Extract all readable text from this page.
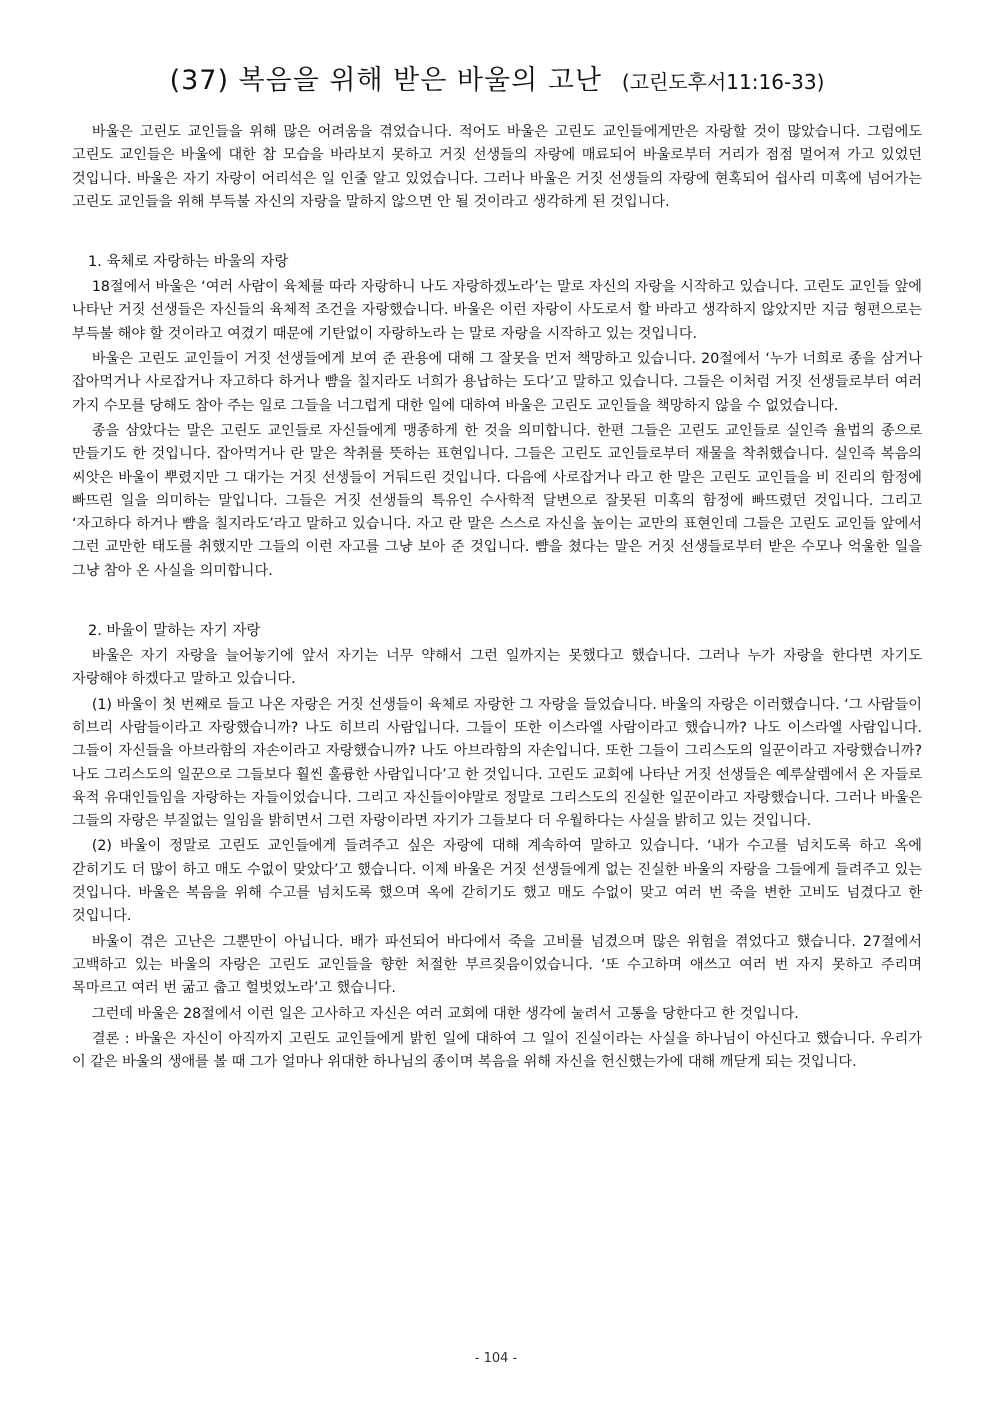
(37) 복음을 위해 받은 바울의 고난 (고린도후서11:16-33)

바울은 고린도 교인들을 위해 많은 어려움을 겪었습니다. 적어도 바울은 고린도 교인들에게만은 자랑할 것이 많았습니다. 그럼에도 고린도 교인들은 바울에 대한 참 모습을 바라보지 못하고 거짓 선생들의 자랑에 매료되어 바울로부터 거리가 점점 멀어져 가고 있었던 것입니다. 바울은 자기 자랑이 어리석은 일 인줄 알고 있었습니다. 그러나 바울은 거짓 선생들의 자랑에 현혹되어 쉽사리 미혹에 넘어가는 고린도 교인들을 위해 부득불 자신의 자랑을 말하지 않으면 안 될 것이라고 생각하게 된 것입니다.

1. 육체로 자랑하는 바울의 자랑

18절에서 바울은 ‘여러 사람이 육체를 따라 자랑하니 나도 자랑하겠노라’는 말로 자신의 자랑을 시작하고 있습니다. 고린도 교인들 앞에 나타난 거짓 선생들은 자신들의 육체적 조건을 자랑했습니다. 바울은 이런 자랑이 사도로서 할 바라고 생각하지 않았지만 지금 형편으로는 부득불 해야 할 것이라고 여겼기 때문에 기탄없이 자랑하노라 는 말로 자랑을 시작하고 있는 것입니다.

바울은 고린도 교인들이 거짓 선생들에게 보여 준 관용에 대해 그 잘못을 먼저 책망하고 있습니다. 20절에서 ‘누가 너희로 종을 삼거나 잡아먹거나 사로잡거나 자고하다 하거나 뺨을 칠지라도 너희가 용납하는 도다’고 말하고 있습니다. 그들은 이처럼 거짓 선생들로부터 여러 가지 수모를 당해도 참아 주는 일로 그들을 너그럽게 대한 일에 대하여 바울은 고린도 교인들을 책망하지 않을 수 없었습니다.

종을 삼았다는 말은 고린도 교인들로 자신들에게 맹종하게 한 것을 의미합니다. 한편 그들은 고린도 교인들로 실인즉 율법의 종으로 만들기도 한 것입니다. 잡아먹거나 란 말은 착취를 뜻하는 표현입니다. 그들은 고린도 교인들로부터 재물을 착취했습니다. 실인즉 복음의 씨앗은 바울이 뿌렸지만 그 대가는 거짓 선생들이 거둬드린 것입니다. 다음에 사로잡거나 라고 한 말은 고린도 교인들을 비 진리의 함정에 빠뜨린 일을 의미하는 말입니다. 그들은 거짓 선생들의 특유인 수사학적 달변으로 잘못된 미혹의 함정에 빠뜨렸던 것입니다. 그리고 ‘자고하다 하거나 뺨을 칠지라도’라고 말하고 있습니다. 자고 란 말은 스스로 자신을 높이는 교만의 표현인데 그들은 고린도 교인들 앞에서 그런 교만한 태도를 취했지만 그들의 이런 자고를 그냥 보아 준 것입니다. 뺨을 쳤다는 말은 거짓 선생들로부터 받은 수모나 억울한 일을 그냥 참아 온 사실을 의미합니다.

2. 바울이 말하는 자기 자랑

바울은 자기 자랑을 늘어놓기에 앞서 자기는 너무 약해서 그런 일까지는 못했다고 했습니다. 그러나 누가 자랑을 한다면 자기도 자랑해야 하겠다고 말하고 있습니다.

(1) 바울이 첫 번째로 들고 나온 자랑은 거짓 선생들이 육체로 자랑한 그 자랑을 들었습니다. 바울의 자랑은 이러했습니다. ‘그 사람들이 히브리 사람들이라고 자랑했습니까? 나도 히브리 사람입니다. 그들이 또한 이스라엘 사람이라고 했습니까? 나도 이스라엘 사람입니다. 그들이 자신들을 아브라함의 자손이라고 자랑했습니까? 나도 아브라함의 자손입니다. 또한 그들이 그리스도의 일꾼이라고 자랑했습니까? 나도 그리스도의 일꾼으로 그들보다 훨씬 훌륭한 사람입니다’고 한 것입니다. 고린도 교회에 나타난 거짓 선생들은 예루살렘에서 온 자들로 육적 유대인들임을 자랑하는 자들이었습니다. 그리고 자신들이야말로 정말로 그리스도의 진실한 일꾼이라고 자랑했습니다. 그러나 바울은 그들의 자랑은 부질없는 일임을 밝히면서 그런 자랑이라면 자기가 그들보다 더 우월하다는 사실을 밝히고 있는 것입니다.

(2) 바울이 정말로 고린도 교인들에게 들려주고 싶은 자랑에 대해 계속하여 말하고 있습니다. ‘내가 수고를 넘치도록 하고 옥에 갇히기도 더 많이 하고 매도 수없이 맞았다’고 했습니다. 이제 바울은 거짓 선생들에게 없는 진실한 바울의 자랑을 그들에게 들려주고 있는 것입니다. 바울은 복음을 위해 수고를 넘치도록 했으며 옥에 갇히기도 했고 매도 수없이 맞고 여러 번 죽을 변한 고비도 넘겼다고 한 것입니다.

바울이 겪은 고난은 그뿐만이 아닙니다. 배가 파선되어 바다에서 죽을 고비를 넘겼으며 많은 위험을 겪었다고 했습니다. 27절에서 고백하고 있는 바울의 자랑은 고린도 교인들을 향한 처절한 부르짖음이었습니다. ‘또 수고하며 애쓰고 여러 번 자지 못하고 주리며 목마르고 여러 번 굶고 춥고 헐벗었노라’고 했습니다.

그런데 바울은 28절에서 이런 일은 고사하고 자신은 여러 교회에 대한 생각에 눌려서 고통을 당한다고 한 것입니다.

결론 : 바울은 자신이 아직까지 고린도 교인들에게 밝힌 일에 대하여 그 일이 진실이라는 사실을 하나님이 아신다고 했습니다. 우리가 이 같은 바울의 생애를 볼 때 그가 얼마나 위대한 하나님의 종이며 복음을 위해 자신을 헌신했는가에 대해 깨닫게 되는 것입니다.

- 104 -
